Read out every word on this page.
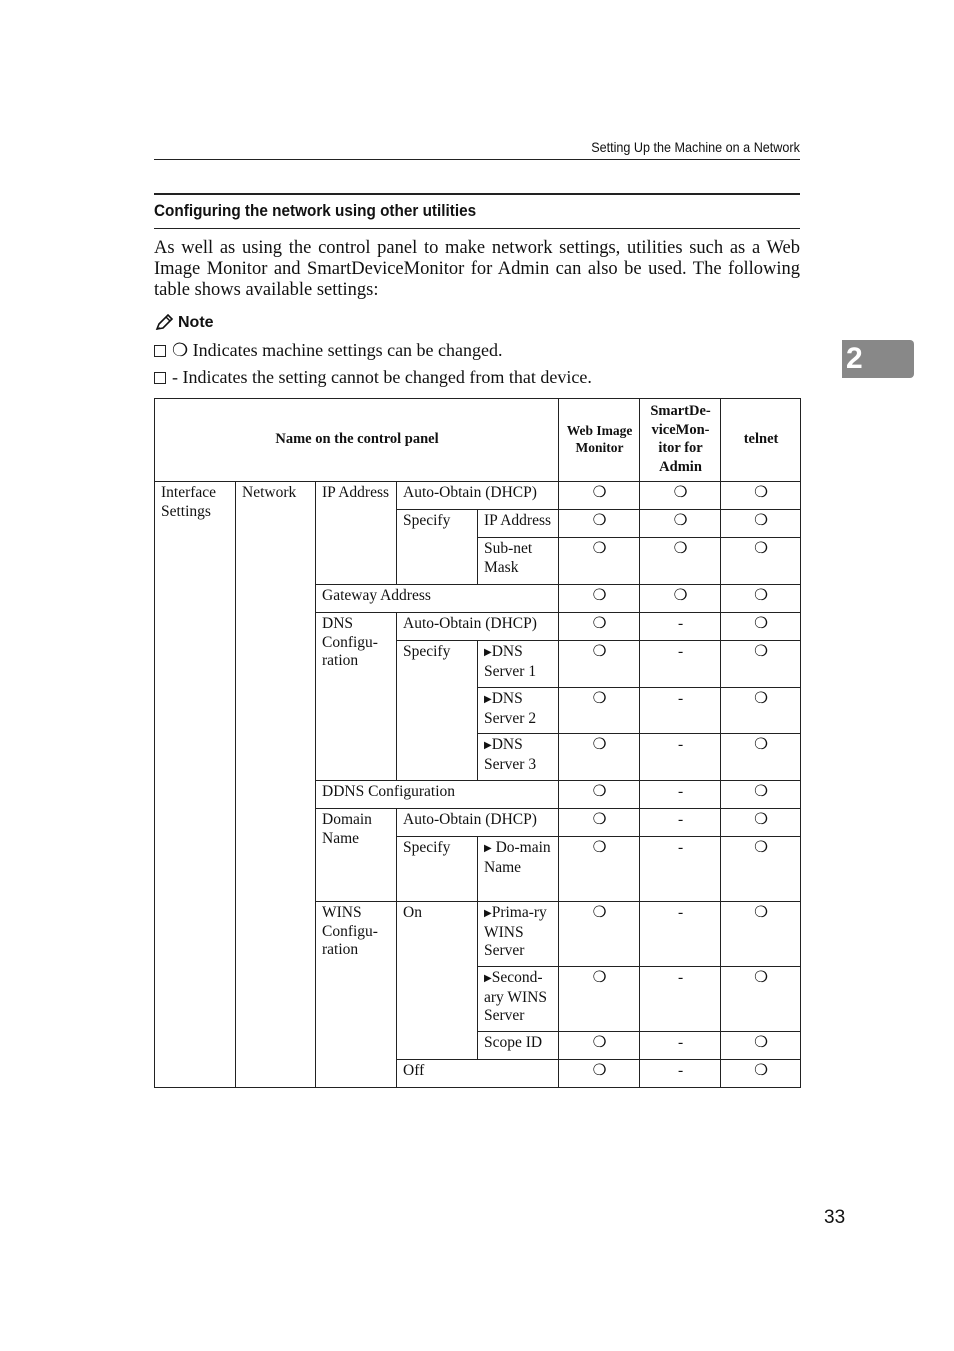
Setting Up the Machine on a Network
Configuring the network using other utilities

As well as using the control panel to make network settings, utilities such as a Web Image Monitor and SmartDeviceMonitor for Admin can also be used. The following table shows available settings:

Note
❍ Indicates machine settings can be changed.
- Indicates the setting cannot be changed from that device.
2
Name on the control panel					Web Image Monitor	SmartDe-viceMon-itor for Admin	telnet
Interface Settings	Network	IP Address	Auto-Obtain (DHCP)		❍	❍	❍
			Specify	IP Address	❍	❍	❍
				Sub-net Mask	❍	❍	❍
		Gateway Address			❍	❍	❍
		DNS Configu-ration	Auto-Obtain (DHCP)		❍	-	❍
			Specify	▶DNS Server 1	❍	-	❍
				▶DNS Server 2	❍	-	❍
				▶DNS Server 3	❍	-	❍
		DDNS Configuration			❍	-	❍
		Domain Name	Auto-Obtain (DHCP)		❍	-	❍
			Specify	▶ Do-main Name	❍	-	❍
		WINS Configu-ration	On	▶Prima-ry WINS Server	❍	-	❍
				▶Second-ary WINS Server	❍	-	❍
				Scope ID	❍	-	❍
			Off		❍	-	❍
33
